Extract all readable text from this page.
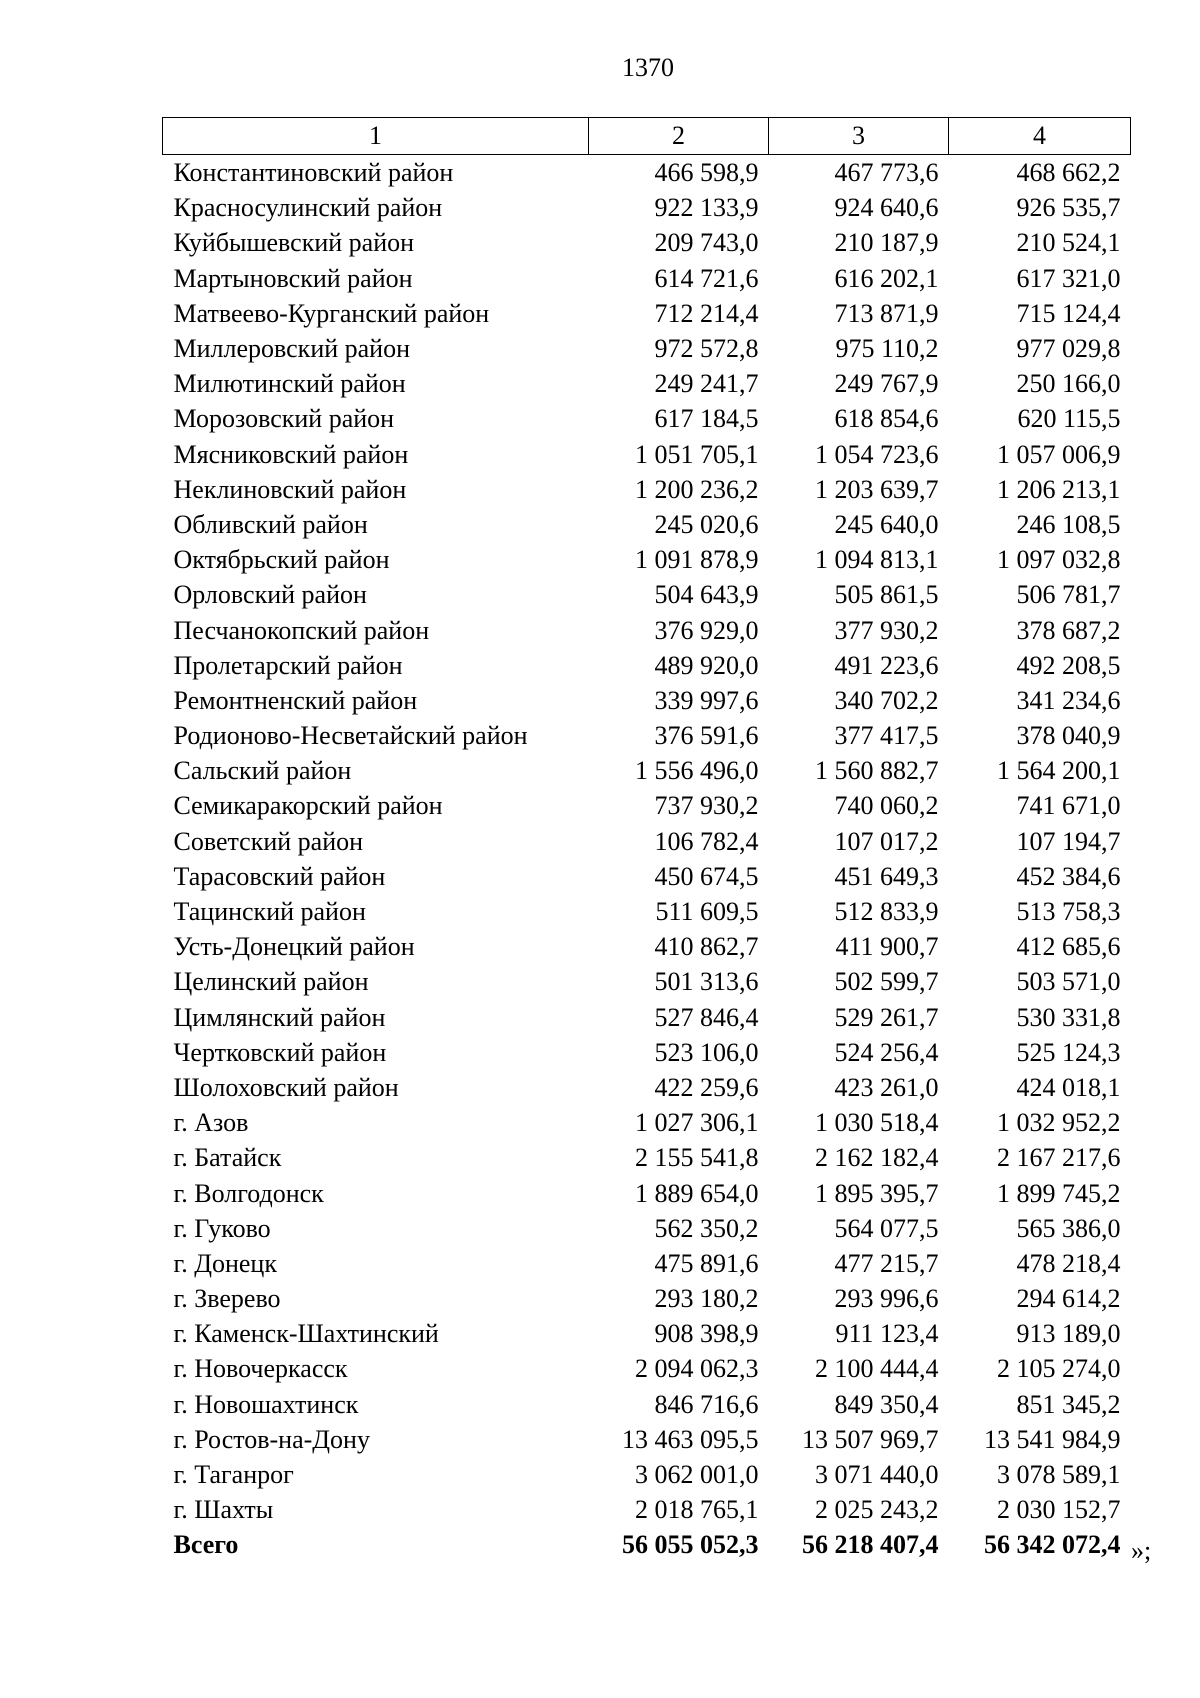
1370
1	2	3	4
Константиновский район	466 598,9	467 773,6	468 662,2
Красносулинский район	922 133,9	924 640,6	926 535,7
Куйбышевский район	209 743,0	210 187,9	210 524,1
Мартыновский район	614 721,6	616 202,1	617 321,0
Матвеево-Курганский район	712 214,4	713 871,9	715 124,4
Миллеровский район	972 572,8	975 110,2	977 029,8
Милютинский район	249 241,7	249 767,9	250 166,0
Морозовский район	617 184,5	618 854,6	620 115,5
Мясниковский район	1 051 705,1	1 054 723,6	1 057 006,9
Неклиновский район	1 200 236,2	1 203 639,7	1 206 213,1
Обливский район	245 020,6	245 640,0	246 108,5
Октябрьский район	1 091 878,9	1 094 813,1	1 097 032,8
Орловский район	504 643,9	505 861,5	506 781,7
Песчанокопский район	376 929,0	377 930,2	378 687,2
Пролетарский район	489 920,0	491 223,6	492 208,5
Ремонтненский район	339 997,6	340 702,2	341 234,6
Родионово-Несветайский район	376 591,6	377 417,5	378 040,9
Сальский район	1 556 496,0	1 560 882,7	1 564 200,1
Семикаракорский район	737 930,2	740 060,2	741 671,0
Советский район	106 782,4	107 017,2	107 194,7
Тарасовский район	450 674,5	451 649,3	452 384,6
Тацинский район	511 609,5	512 833,9	513 758,3
Усть-Донецкий район	410 862,7	411 900,7	412 685,6
Целинский район	501 313,6	502 599,7	503 571,0
Цимлянский район	527 846,4	529 261,7	530 331,8
Чертковский район	523 106,0	524 256,4	525 124,3
Шолоховский район	422 259,6	423 261,0	424 018,1
г. Азов	1 027 306,1	1 030 518,4	1 032 952,2
г. Батайск	2 155 541,8	2 162 182,4	2 167 217,6
г. Волгодонск	1 889 654,0	1 895 395,7	1 899 745,2
г. Гуково	562 350,2	564 077,5	565 386,0
г. Донецк	475 891,6	477 215,7	478 218,4
г. Зверево	293 180,2	293 996,6	294 614,2
г. Каменск-Шахтинский	908 398,9	911 123,4	913 189,0
г. Новочеркасск	2 094 062,3	2 100 444,4	2 105 274,0
г. Новошахтинск	846 716,6	849 350,4	851 345,2
г. Ростов-на-Дону	13 463 095,5	13 507 969,7	13 541 984,9
г. Таганрог	3 062 001,0	3 071 440,0	3 078 589,1
г. Шахты	2 018 765,1	2 025 243,2	2 030 152,7
Всего	56 055 052,3	56 218 407,4	56 342 072,4 »;
